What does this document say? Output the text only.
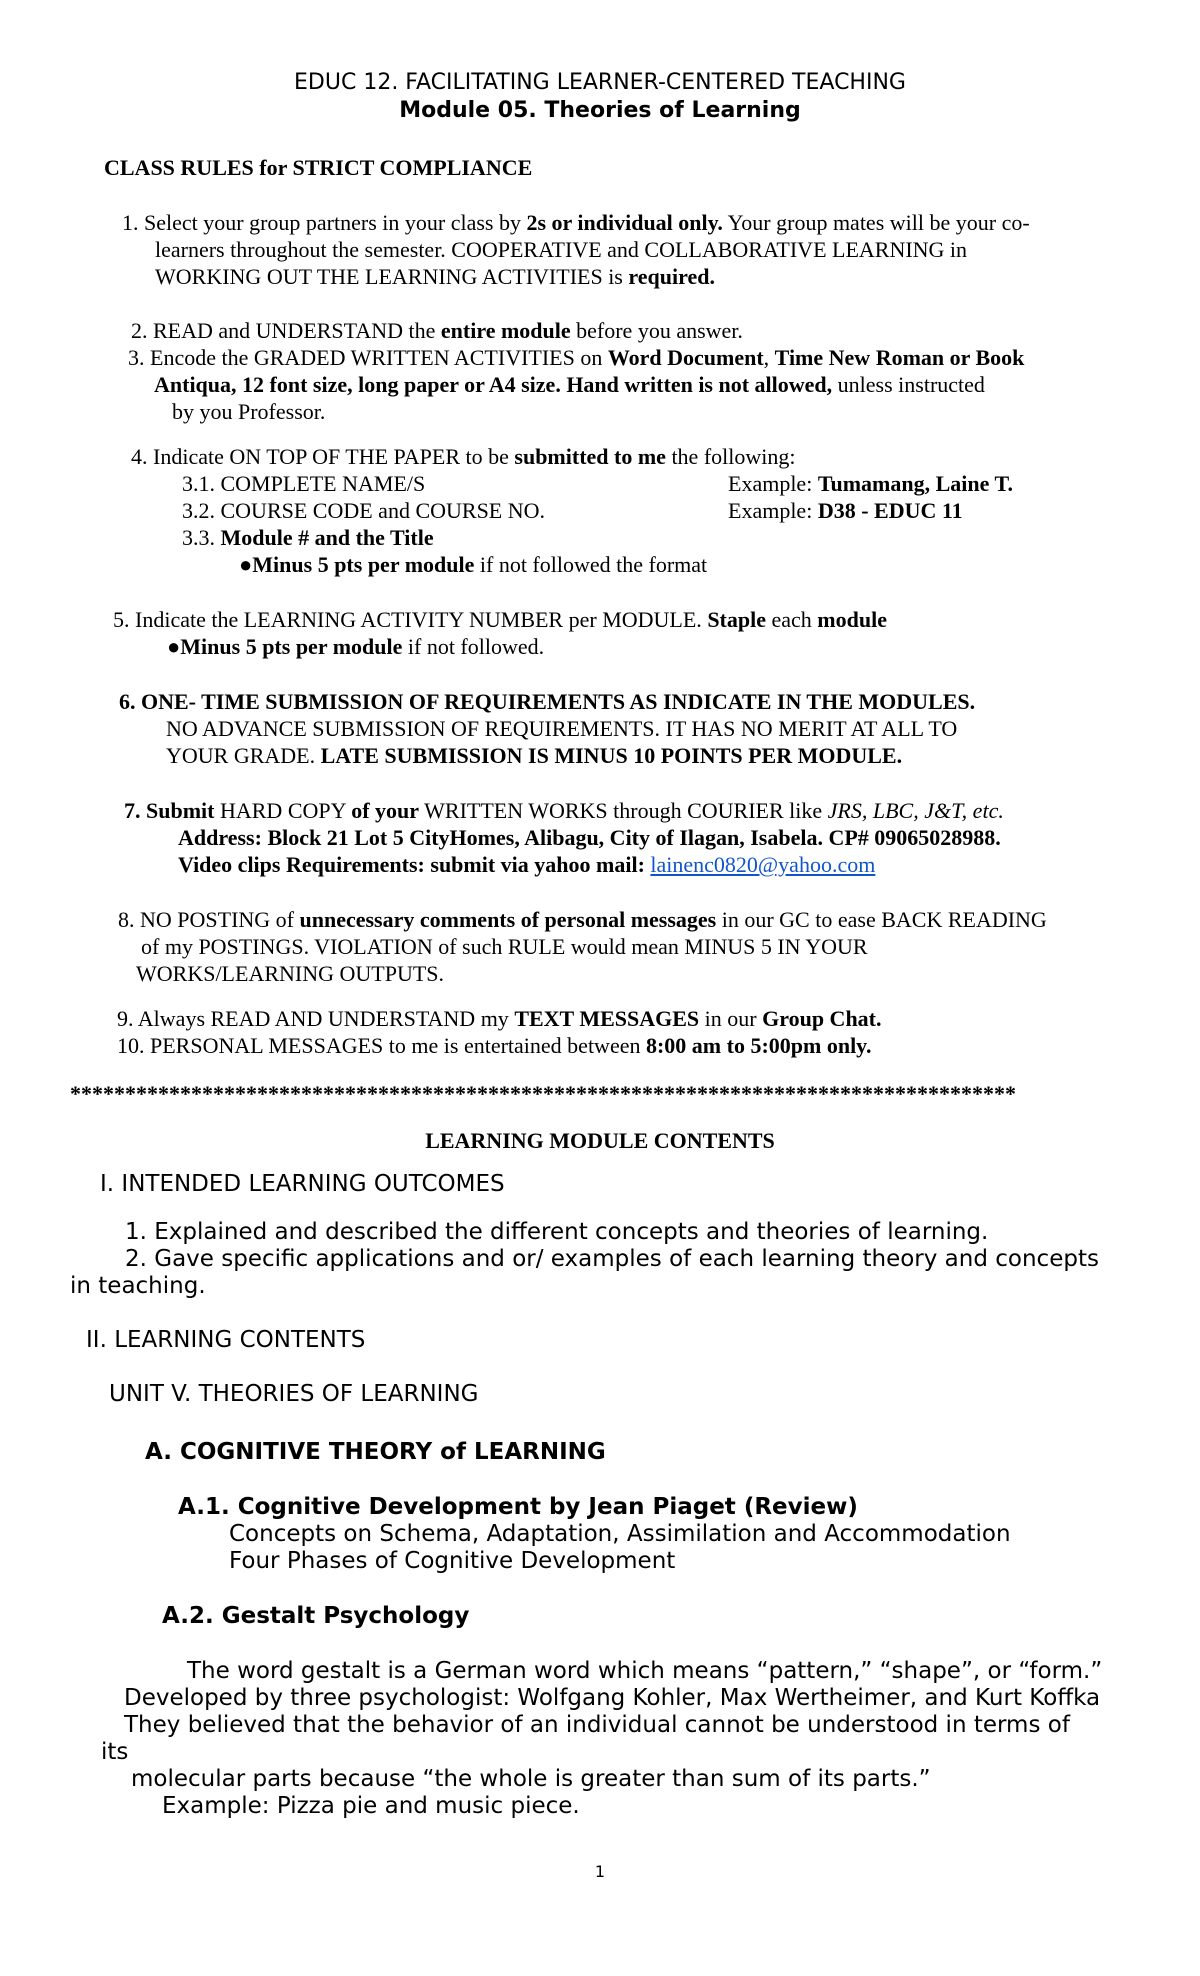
EDUC 12. FACILITATING LEARNER-CENTERED TEACHING
Module 05. Theories of Learning
CLASS RULES for STRICT COMPLIANCE
1. Select your group partners in your class by 2s or individual only. Your group mates will be your co-
learners throughout the semester. COOPERATIVE and COLLABORATIVE LEARNING in
WORKING OUT THE LEARNING ACTIVITIES is required.
2. READ and UNDERSTAND the entire module before you answer.
3. Encode the GRADED WRITTEN ACTIVITIES on Word Document, Time New Roman or Book
Antiqua, 12 font size, long paper or A4 size. Hand written is not allowed, unless instructed
by you Professor.
4. Indicate ON TOP OF THE PAPER to be submitted to me the following:
3.1. COMPLETE NAME/S	Example: Tumamang, Laine T.
3.2. COURSE CODE and COURSE NO.	Example: D38 - EDUC 11
3.3. Module # and the Title
●Minus 5 pts per module if not followed the format
5. Indicate the LEARNING ACTIVITY NUMBER per MODULE. Staple each module
●Minus 5 pts per module if not followed.
6. ONE- TIME SUBMISSION OF REQUIREMENTS AS INDICATE IN THE MODULES.
NO ADVANCE SUBMISSION OF REQUIREMENTS. IT HAS NO MERIT AT ALL TO
YOUR GRADE. LATE SUBMISSION IS MINUS 10 POINTS PER MODULE.
7. Submit HARD COPY of your WRITTEN WORKS through COURIER like JRS, LBC, J&T, etc.
Address: Block 21 Lot 5 CityHomes, Alibagu, City of Ilagan, Isabela. CP# 09065028988.
Video clips Requirements: submit via yahoo mail: lainenc0820@yahoo.com
8. NO POSTING of unnecessary comments of personal messages in our GC to ease BACK READING
of my POSTINGS. VIOLATION of such RULE would mean MINUS 5 IN YOUR
WORKS/LEARNING OUTPUTS.
9. Always READ AND UNDERSTAND my TEXT MESSAGES in our Group Chat.
10. PERSONAL MESSAGES to me is entertained between 8:00 am to 5:00pm only.
**************************************************************************************
LEARNING MODULE CONTENTS
I. INTENDED LEARNING OUTCOMES
1. Explained and described the different concepts and theories of learning.
2. Gave specific applications and or/ examples of each learning theory and concepts
in teaching.
II. LEARNING CONTENTS
UNIT V. THEORIES OF LEARNING
A. COGNITIVE THEORY of LEARNING
A.1. Cognitive Development by Jean Piaget (Review)
Concepts on Schema, Adaptation, Assimilation and Accommodation
Four Phases of Cognitive Development
A.2. Gestalt Psychology
The word gestalt is a German word which means “pattern,” “shape”, or “form.”
Developed by three psychologist: Wolfgang Kohler, Max Wertheimer, and Kurt Koffka
They believed that the behavior of an individual cannot be understood in terms of
its
molecular parts because “the whole is greater than sum of its parts.”
Example: Pizza pie and music piece.
1
